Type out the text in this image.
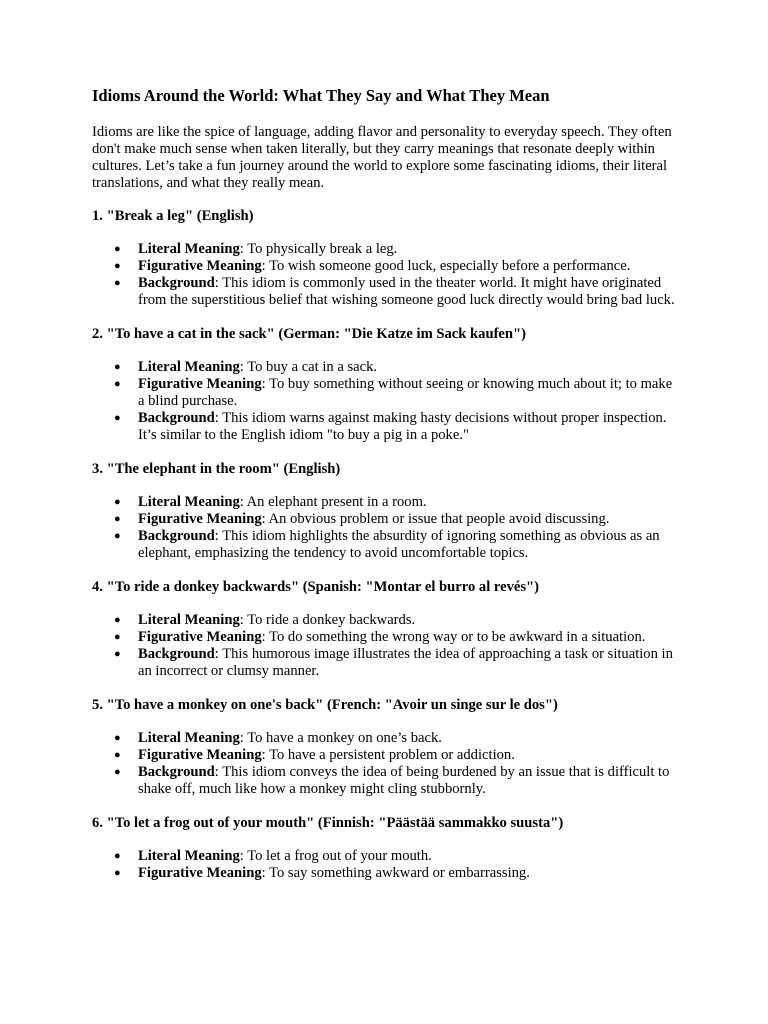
Idioms Around the World: What They Say and What They Mean

Idioms are like the spice of language, adding flavor and personality to everyday speech. They often don't make much sense when taken literally, but they carry meanings that resonate deeply within cultures. Let’s take a fun journey around the world to explore some fascinating idioms, their literal translations, and what they really mean.

1. "Break a leg" (English)

● Literal Meaning: To physically break a leg.
● Figurative Meaning: To wish someone good luck, especially before a performance.
● Background: This idiom is commonly used in the theater world. It might have originated from the superstitious belief that wishing someone good luck directly would bring bad luck.

2. "To have a cat in the sack" (German: "Die Katze im Sack kaufen")

● Literal Meaning: To buy a cat in a sack.
● Figurative Meaning: To buy something without seeing or knowing much about it; to make a blind purchase.
● Background: This idiom warns against making hasty decisions without proper inspection. It’s similar to the English idiom "to buy a pig in a poke."

3. "The elephant in the room" (English)

● Literal Meaning: An elephant present in a room.
● Figurative Meaning: An obvious problem or issue that people avoid discussing.
● Background: This idiom highlights the absurdity of ignoring something as obvious as an elephant, emphasizing the tendency to avoid uncomfortable topics.

4. "To ride a donkey backwards" (Spanish: "Montar el burro al revés")

● Literal Meaning: To ride a donkey backwards.
● Figurative Meaning: To do something the wrong way or to be awkward in a situation.
● Background: This humorous image illustrates the idea of approaching a task or situation in an incorrect or clumsy manner.

5. "To have a monkey on one's back" (French: "Avoir un singe sur le dos")

● Literal Meaning: To have a monkey on one’s back.
● Figurative Meaning: To have a persistent problem or addiction.
● Background: This idiom conveys the idea of being burdened by an issue that is difficult to shake off, much like how a monkey might cling stubbornly.

6. "To let a frog out of your mouth" (Finnish: "Päästää sammakko suusta")

● Literal Meaning: To let a frog out of your mouth.
● Figurative Meaning: To say something awkward or embarrassing.
